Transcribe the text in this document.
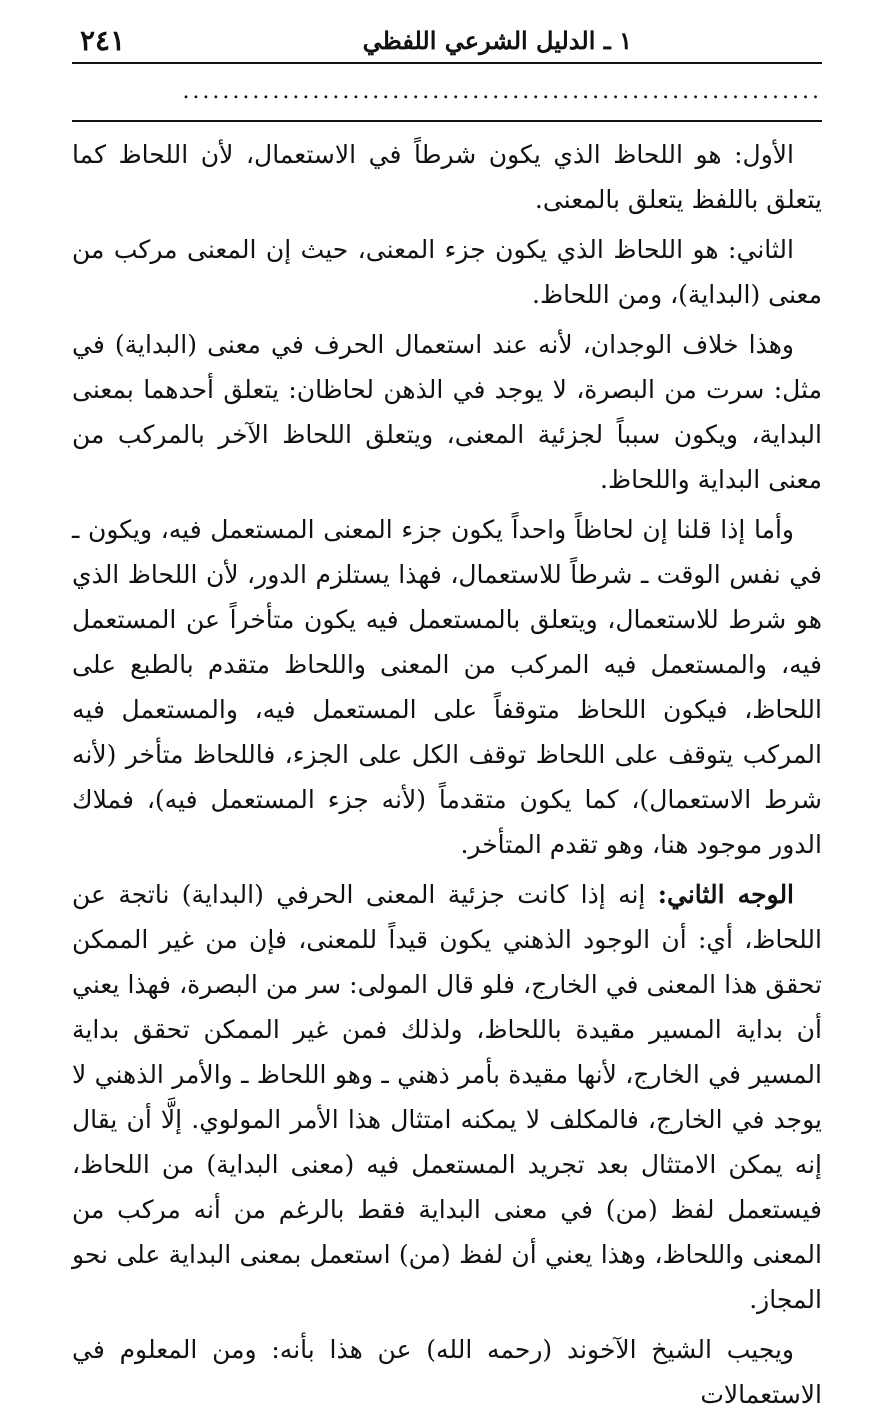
١ ـ الدليل الشرعي اللفظي
٢٤١
................................................................

الأول: هو اللحاظ الذي يكون شرطاً في الاستعمال، لأن اللحاظ كما يتعلق باللفظ يتعلق بالمعنى.

الثاني: هو اللحاظ الذي يكون جزء المعنى، حيث إن المعنى مركب من معنى (البداية)، ومن اللحاظ.

وهذا خلاف الوجدان، لأنه عند استعمال الحرف في معنى (البداية) في مثل: سرت من البصرة، لا يوجد في الذهن لحاظان: يتعلق أحدهما بمعنى البداية، ويكون سبباً لجزئية المعنى، ويتعلق اللحاظ الآخر بالمركب من معنى البداية واللحاظ.

وأما إذا قلنا إن لحاظاً واحداً يكون جزء المعنى المستعمل فيه، ويكون ـ في نفس الوقت ـ شرطاً للاستعمال، فهذا يستلزم الدور، لأن اللحاظ الذي هو شرط للاستعمال، ويتعلق بالمستعمل فيه يكون متأخراً عن المستعمل فيه، والمستعمل فيه المركب من المعنى واللحاظ متقدم بالطبع على اللحاظ، فيكون اللحاظ متوقفاً على المستعمل فيه، والمستعمل فيه المركب يتوقف على اللحاظ توقف الكل على الجزء، فاللحاظ متأخر (لأنه شرط الاستعمال)، كما يكون متقدماً (لأنه جزء المستعمل فيه)، فملاك الدور موجود هنا، وهو تقدم المتأخر.

الوجه الثاني: إنه إذا كانت جزئية المعنى الحرفي (البداية) ناتجة عن اللحاظ، أي: أن الوجود الذهني يكون قيداً للمعنى، فإن من غير الممكن تحقق هذا المعنى في الخارج، فلو قال المولى: سر من البصرة، فهذا يعني أن بداية المسير مقيدة باللحاظ، ولذلك فمن غير الممكن تحقق بداية المسير في الخارج، لأنها مقيدة بأمر ذهني ـ وهو اللحاظ ـ والأمر الذهني لا يوجد في الخارج، فالمكلف لا يمكنه امتثال هذا الأمر المولوي. إلَّا أن يقال إنه يمكن الامتثال بعد تجريد المستعمل فيه (معنى البداية) من اللحاظ، فيستعمل لفظ (من) في معنى البداية فقط بالرغم من أنه مركب من المعنى واللحاظ، وهذا يعني أن لفظ (من) استعمل بمعنى البداية على نحو المجاز.

ويجيب الشيخ الآخوند (رحمه الله) عن هذا بأنه: ومن المعلوم في الاستعمالات
